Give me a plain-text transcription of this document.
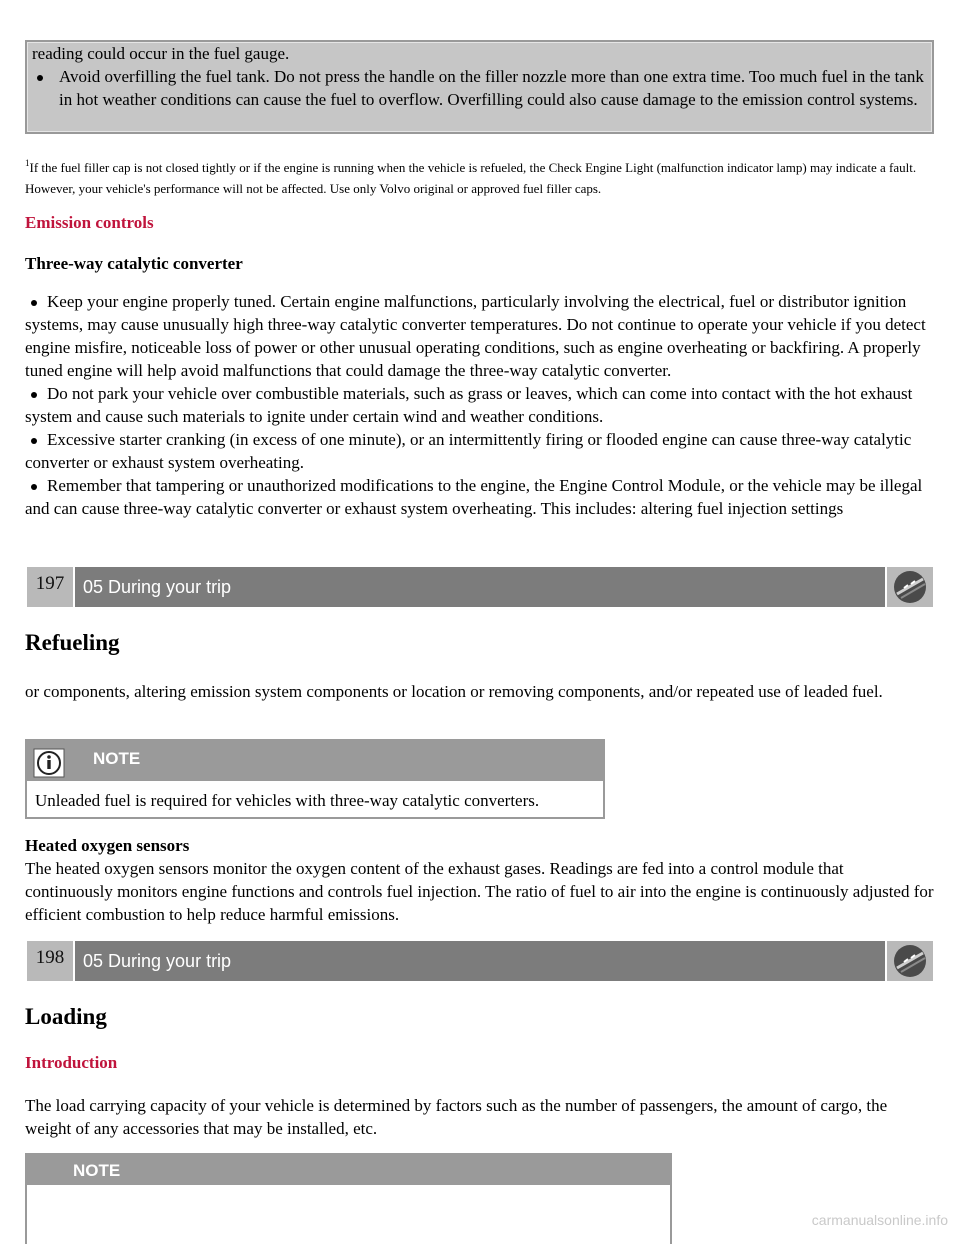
reading could occur in the fuel gauge.

Avoid overfilling the fuel tank. Do not press the handle on the filler nozzle more than one extra time. Too much fuel in the tank in hot weather conditions can cause the fuel to overflow. Overfilling could also cause damage to the emission control systems.

$^1$If the fuel filler cap is not closed tightly or if the engine is running when the vehicle is refueled, the Check Engine Light (malfunction indicator lamp) may indicate a fault. However, your vehicle's performance will not be affected. Use only Volvo original or approved fuel filler caps.
Emission controls
Three-way catalytic converter
Keep your engine properly tuned. Certain engine malfunctions, particularly involving the electrical, fuel or distributor ignition systems, may cause unusually high three-way catalytic converter temperatures. Do not continue to operate your vehicle if you detect engine misfire, noticeable loss of power or other unusual operating conditions, such as engine overheating or backfiring. A properly tuned engine will help avoid malfunctions that could damage the three-way catalytic converter.
Do not park your vehicle over combustible materials, such as grass or leaves, which can come into contact with the hot exhaust system and cause such materials to ignite under certain wind and weather conditions.
Excessive starter cranking (in excess of one minute), or an intermittently firing or flooded engine can cause three-way catalytic converter or exhaust system overheating.
Remember that tampering or unauthorized modifications to the engine, the Engine Control Module, or the vehicle may be illegal and can cause three-way catalytic converter or exhaust system overheating. This includes: altering fuel injection settings
197	05 During your trip
Refueling

or components, altering emission system components or location or removing components, and/or repeated use of leaded fuel.

NOTE
Unleaded fuel is required for vehicles with three-way catalytic converters.
Heated oxygen sensors

The heated oxygen sensors monitor the oxygen content of the exhaust gases. Readings are fed into a control module that continuously monitors engine functions and controls fuel injection. The ratio of fuel to air into the engine is continuously adjusted for efficient combustion to help reduce harmful emissions.

198	05 During your trip
Loading
Introduction

The load carrying capacity of your vehicle is determined by factors such as the number of passengers, the amount of cargo, the weight of any accessories that may be installed, etc.

NOTE
carmanualsonline.info
